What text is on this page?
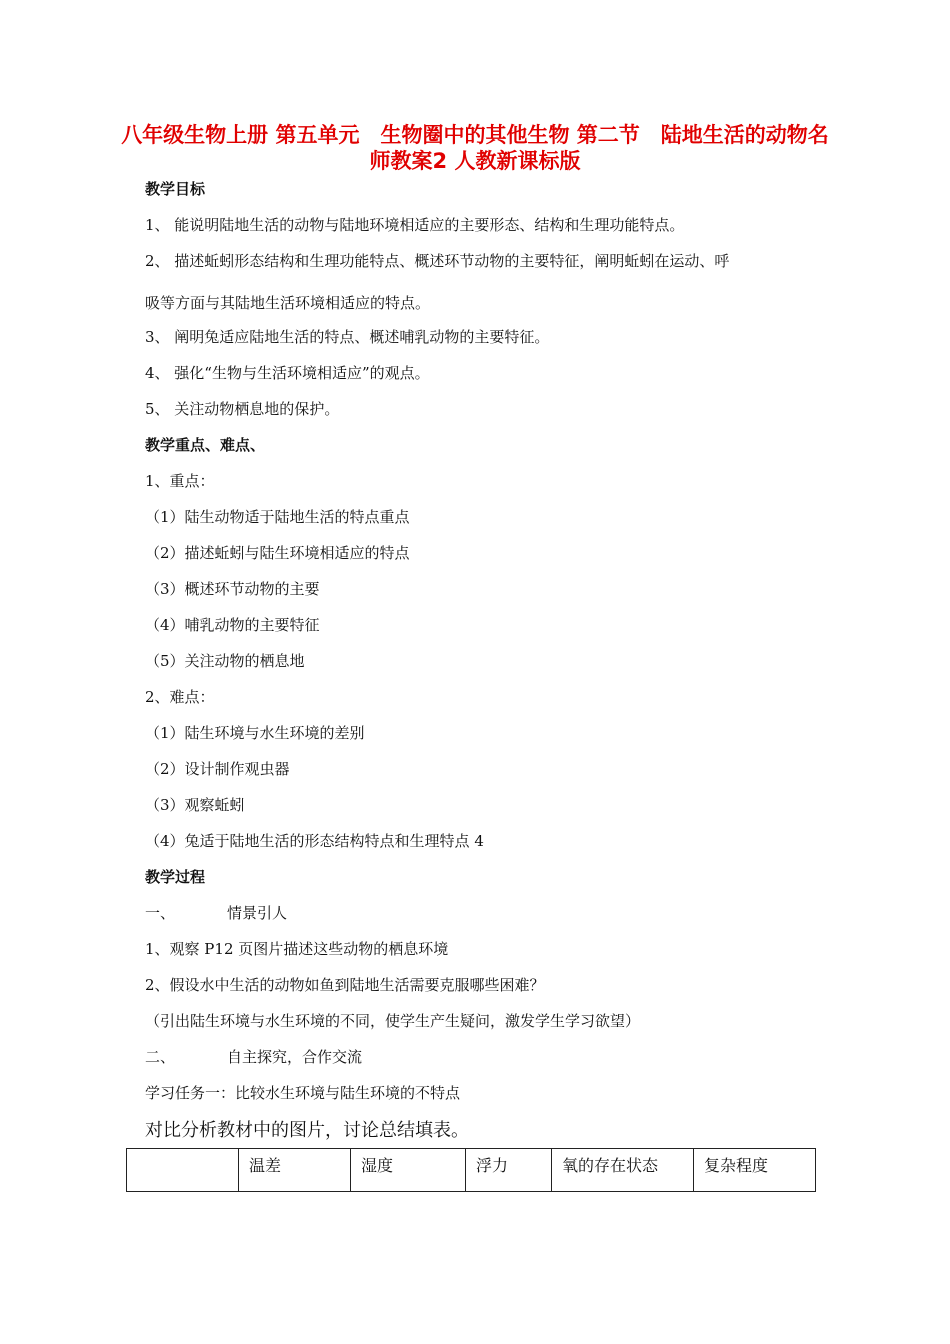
八年级生物上册 第五单元　生物圈中的其他生物 第二节　陆地生活的动物名师教案2 人教新课标版
教学目标
1、 能说明陆地生活的动物与陆地环境相适应的主要形态、结构和生理功能特点。
2、 描述蚯蚓形态结构和生理功能特点、概述环节动物的主要特征，阐明蚯蚓在运动、呼
吸等方面与其陆地生活环境相适应的特点。
3、 阐明兔适应陆地生活的特点、概述哺乳动物的主要特征。
4、 强化“生物与生活环境相适应”的观点。
5、 关注动物栖息地的保护。
教学重点、难点、
1、重点：
（1）陆生动物适于陆地生活的特点重点
（2）描述蚯蚓与陆生环境相适应的特点
（3）概述环节动物的主要
（4）哺乳动物的主要特征
（5）关注动物的栖息地
2、难点：
（1）陆生环境与水生环境的差别
（2）设计制作观虫器
（3）观察蚯蚓
（4）兔适于陆地生活的形态结构特点和生理特点 4
教学过程
一、	情景引人
1、观察 P12 页图片描述这些动物的栖息环境
2、假设水中生活的动物如鱼到陆地生活需要克服哪些困难？
（引出陆生环境与水生环境的不同，使学生产生疑问，激发学生学习欲望）
二、	自主探究，合作交流
学习任务一：比较水生环境与陆生环境的不特点
对比分析教材中的图片，讨论总结填表。
	温差	湿度	浮力	氧的存在状态	复杂程度
